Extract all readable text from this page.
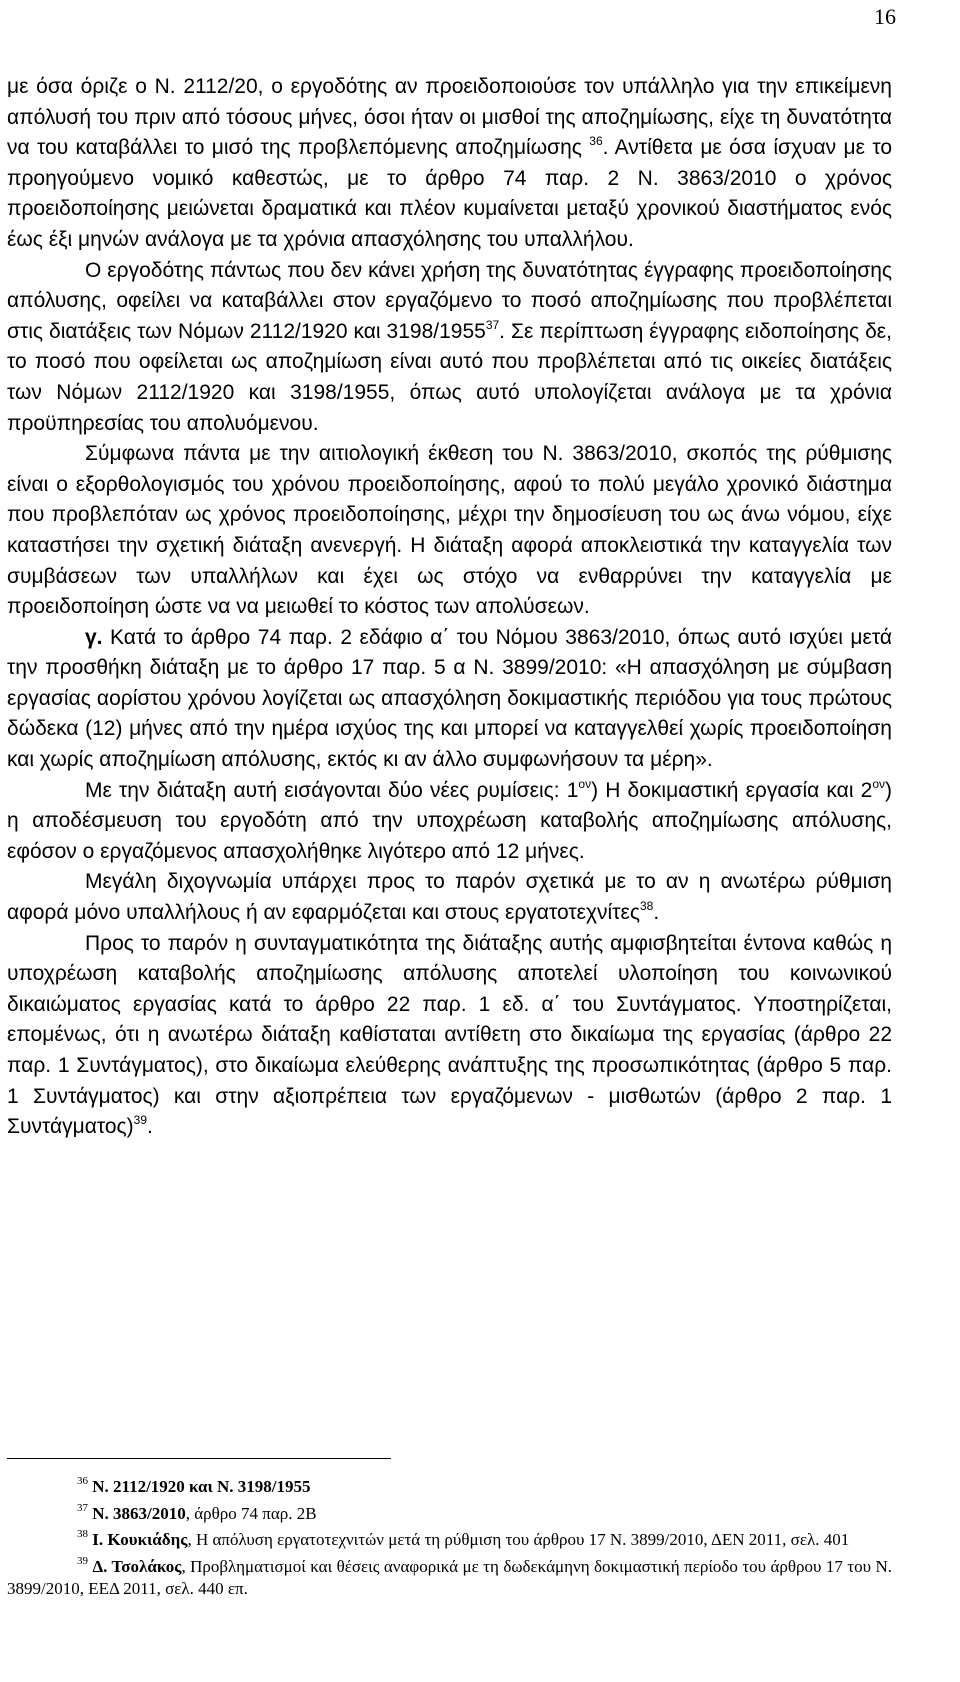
16

με όσα όριζε ο Ν. 2112/20, ο εργοδότης αν προειδοποιούσε τον υπάλληλο για την επικείμενη απόλυσή του πριν από τόσους μήνες, όσοι ήταν οι μισθοί της αποζημίωσης, είχε τη δυνατότητα να του καταβάλλει το μισό της προβλεπόμενης αποζημίωσης $^{36}$. Αντίθετα με όσα ίσχυαν με το προηγούμενο νομικό καθεστώς, με το άρθρο 74 παρ. 2 Ν. 3863/2010 ο χρόνος προειδοποίησης μειώνεται δραματικά και πλέον κυμαίνεται μεταξύ χρονικού διαστήματος ενός έως έξι μηνών ανάλογα με τα χρόνια απασχόλησης του υπαλλήλου.

Ο εργοδότης πάντως που δεν κάνει χρήση της δυνατότητας έγγραφης προειδοποίησης απόλυσης, οφείλει να καταβάλλει στον εργαζόμενο το ποσό αποζημίωσης που προβλέπεται στις διατάξεις των Νόμων 2112/1920 και 3198/1955$^{37}$. Σε περίπτωση έγγραφης ειδοποίησης δε, το ποσό που οφείλεται ως αποζημίωση είναι αυτό που προβλέπεται από τις οικείες διατάξεις των Νόμων 2112/1920 και 3198/1955, όπως αυτό υπολογίζεται ανάλογα με τα χρόνια προϋπηρεσίας του απολυόμενου.

Σύμφωνα πάντα με την αιτιολογική έκθεση του Ν. 3863/2010, σκοπός της ρύθμισης είναι ο εξορθολογισμός του χρόνου προειδοποίησης, αφού το πολύ μεγάλο χρονικό διάστημα που προβλεπόταν ως χρόνος προειδοποίησης, μέχρι την δημοσίευση του ως άνω νόμου, είχε καταστήσει την σχετική διάταξη ανενεργή. Η διάταξη αφορά αποκλειστικά την καταγγελία των συμβάσεων των υπαλλήλων και έχει ως στόχο να ενθαρρύνει την καταγγελία με προειδοποίηση ώστε να να μειωθεί το κόστος των απολύσεων.

γ. Κατά το άρθρο 74 παρ. 2 εδάφιο α΄ του Νόμου 3863/2010, όπως αυτό ισχύει μετά την προσθήκη διάταξη με το άρθρο 17 παρ. 5 α Ν. 3899/2010: «Η απασχόληση με σύμβαση εργασίας αορίστου χρόνου λογίζεται ως απασχόληση δοκιμαστικής περιόδου για τους πρώτους δώδεκα (12) μήνες από την ημέρα ισχύος της και μπορεί να καταγγελθεί χωρίς προειδοποίηση και χωρίς αποζημίωση απόλυσης, εκτός κι αν άλλο συμφωνήσουν τα μέρη».

Με την διάταξη αυτή εισάγονται δύο νέες ρυμίσεις: $1^{o\nu}$) Η δοκιμαστική εργασία και $2^{o\nu}$) η αποδέσμευση του εργοδότη από την υποχρέωση καταβολής αποζημίωσης απόλυσης, εφόσον ο εργαζόμενος απασχολήθηκε λιγότερο από 12 μήνες.

Μεγάλη διχογνωμία υπάρχει προς το παρόν σχετικά με το αν η ανωτέρω ρύθμιση αφορά μόνο υπαλλήλους ή αν εφαρμόζεται και στους εργατοτεχνίτες$^{38}$.

Προς το παρόν η συνταγματικότητα της διάταξης αυτής αμφισβητείται έντονα καθώς η υποχρέωση καταβολής αποζημίωσης απόλυσης αποτελεί υλοποίηση του κοινωνικού δικαιώματος εργασίας κατά το άρθρο 22 παρ. 1 εδ. α΄ του Συντάγματος. Υποστηρίζεται, επομένως, ότι η ανωτέρω διάταξη καθίσταται αντίθετη στο δικαίωμα της εργασίας (άρθρο 22 παρ. 1 Συντάγματος), στο δικαίωμα ελεύθερης ανάπτυξης της προσωπικότητας (άρθρο 5 παρ. 1 Συντάγματος) και στην αξιοπρέπεια των εργαζόμενων - μισθωτών (άρθρο 2 παρ. 1 Συντάγματος)$^{39}$.

$^{36}$ Ν. 2112/1920 και Ν. 3198/1955

$^{37}$ Ν. 3863/2010, άρθρο 74 παρ. 2Β

$^{38}$ Ι. Κουκιάδης, Η απόλυση εργατοτεχνιτών μετά τη ρύθμιση του άρθρου 17 Ν. 3899/2010, ΔΕΝ 2011, σελ. 401

$^{39}$ Δ. Τσολάκος, Προβληματισμοί και θέσεις αναφορικά με τη δωδεκάμηνη δοκιμαστική περίοδο του άρθρου 17 του Ν. 3899/2010, ΕΕΔ 2011, σελ. 440 επ.
